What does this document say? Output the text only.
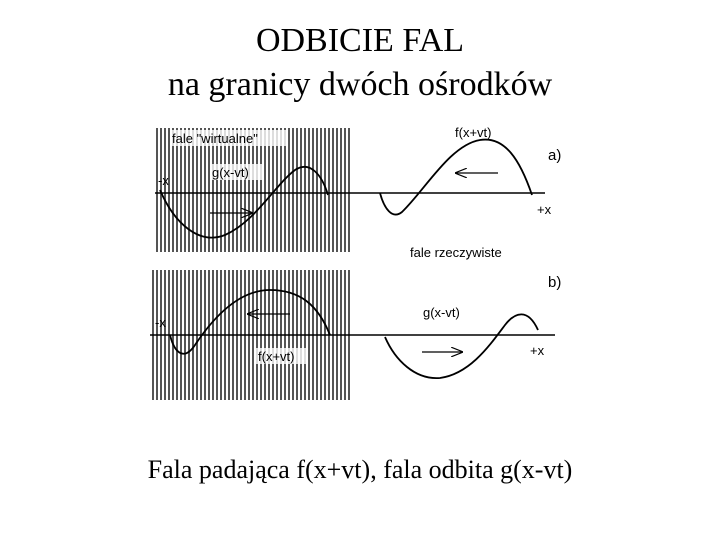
ODBICIE FAL
na granicy dwóch ośrodków
fale "wirtualne"
g(x-vt)
-x
f(x+vt)
+x
a)
fale rzeczywiste
-x
f(x+vt)
g(x-vt)
+x
b)
Fala padająca f(x+vt), fala odbita g(x-vt)
